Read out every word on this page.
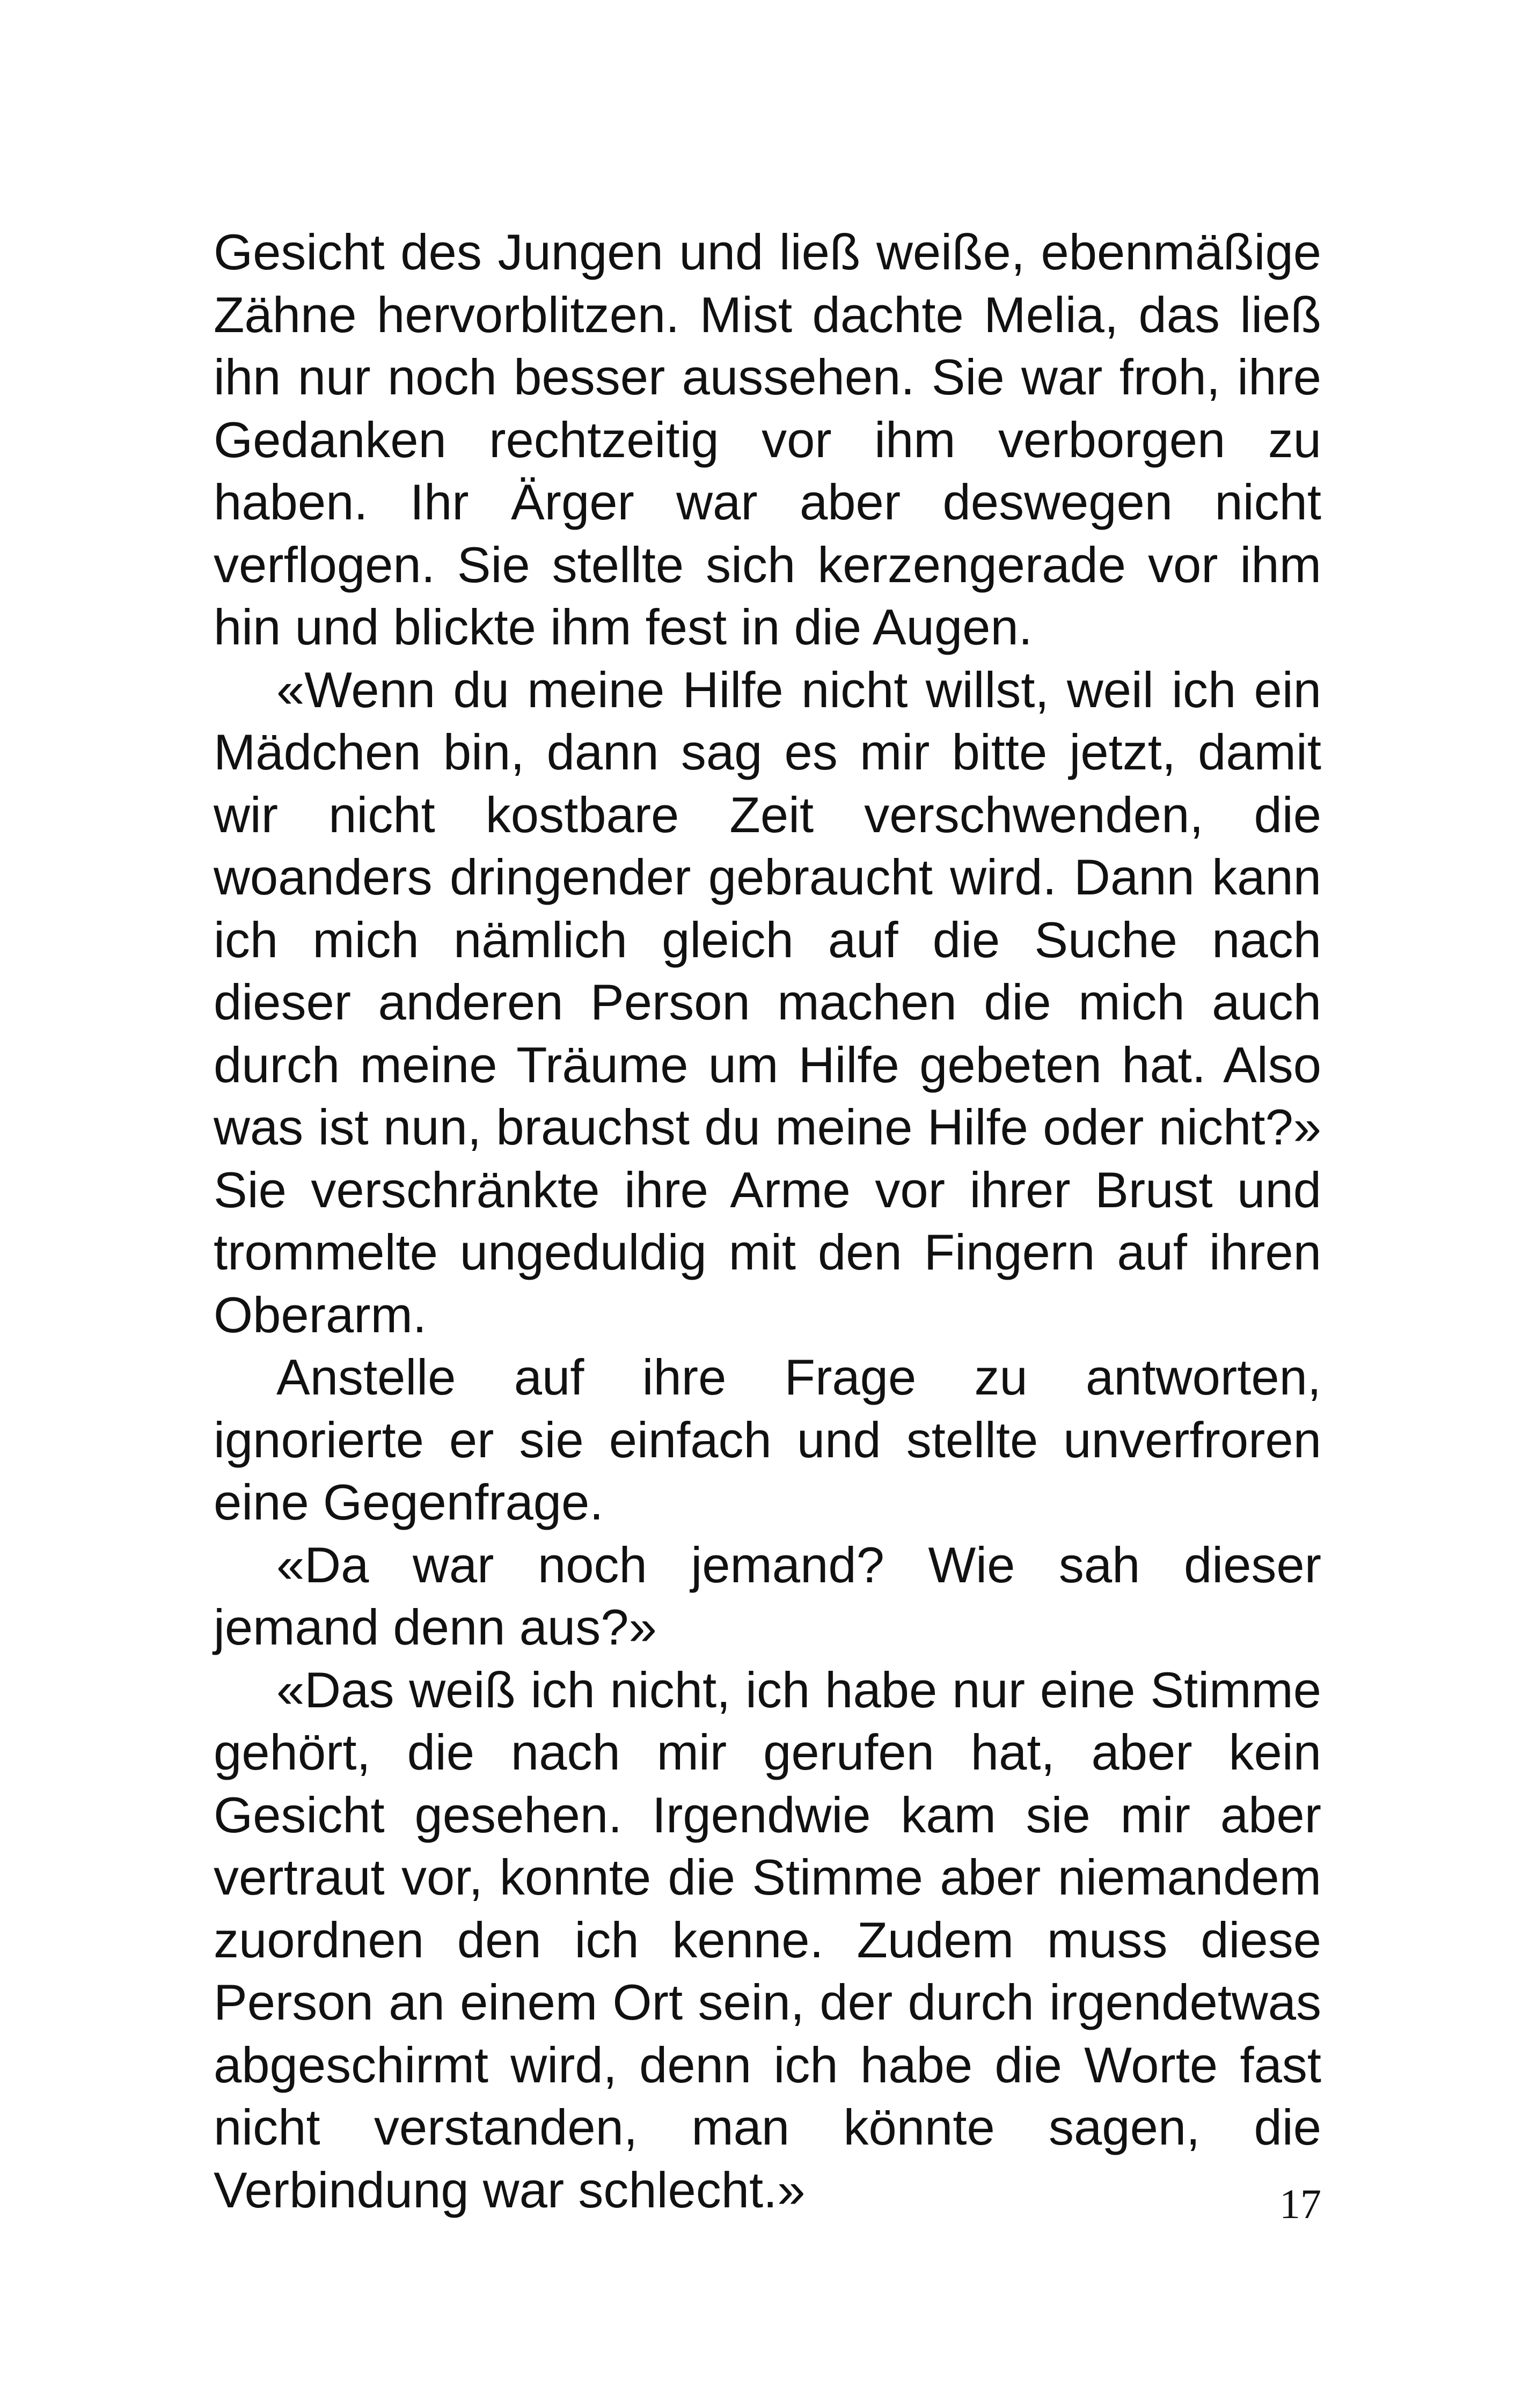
Gesicht des Jungen und ließ weiße, ebenmäßige Zähne hervorblitzen. Mist dachte Melia, das ließ ihn nur noch besser aussehen. Sie war froh, ihre Gedanken rechtzeitig vor ihm verborgen zu haben. Ihr Ärger war aber deswegen nicht verflogen. Sie stellte sich kerzengerade vor ihm hin und blickte ihm fest in die Augen.

«Wenn du meine Hilfe nicht willst, weil ich ein Mädchen bin, dann sag es mir bitte jetzt, damit wir nicht kostbare Zeit verschwenden, die woanders dringender gebraucht wird. Dann kann ich mich nämlich gleich auf die Suche nach dieser anderen Person machen die mich auch durch meine Träume um Hilfe gebeten hat. Also was ist nun, brauchst du meine Hilfe oder nicht?» Sie verschränkte ihre Arme vor ihrer Brust und trommelte ungeduldig mit den Fingern auf ihren Oberarm.

Anstelle auf ihre Frage zu antworten, ignorierte er sie einfach und stellte unverfroren eine Gegenfrage.

«Da war noch jemand? Wie sah dieser jemand denn aus?»

«Das weiß ich nicht, ich habe nur eine Stimme gehört, die nach mir gerufen hat, aber kein Gesicht gesehen. Irgendwie kam sie mir aber vertraut vor, konnte die Stimme aber niemandem zuordnen den ich kenne. Zudem muss diese Person an einem Ort sein, der durch irgendetwas abgeschirmt wird, denn ich habe die Worte fast nicht verstanden, man könnte sagen, die Verbindung war schlecht.»	17
